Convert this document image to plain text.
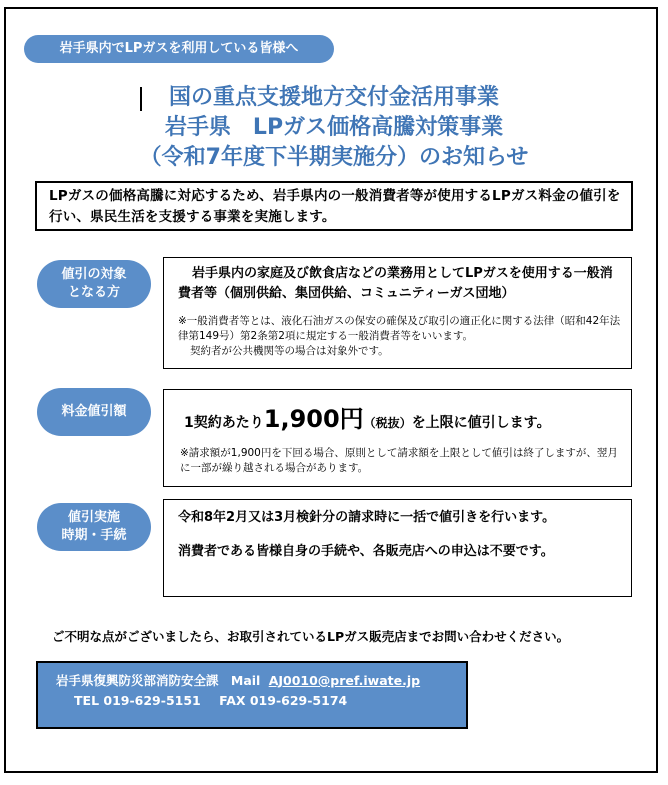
岩手県内でLPガスを利用している皆様へ
国の重点支援地方交付金活用事業
岩手県　LPガス価格高騰対策事業
（令和7年度下半期実施分）のお知らせ
LPガスの価格高騰に対応するため、岩手県内の一般消費者等が使用するLPガス料金の値引を行い、県民生活を支援する事業を実施します。
値引の対象
となる方
岩手県内の家庭及び飲食店などの業務用としてLPガスを使用する一般消費者等（個別供給、集団供給、コミュニティーガス団地）
※一般消費者等とは、液化石油ガスの保安の確保及び取引の適正化に関する法律（昭和42年法律第149号）第2条第2項に規定する一般消費者等をいいます。
契約者が公共機関等の場合は対象外です。
料金値引額
1契約あたり1,900円（税抜）を上限に値引します。
※請求額が1,900円を下回る場合、原則として請求額を上限として値引は終了しますが、翌月に一部が繰り越される場合があります。
値引実施
時期・手続
令和8年2月又は3月検針分の請求時に一括で値引きを行います。
消費者である皆様自身の手続や、各販売店への申込は不要です。
ご不明な点がございましたら、お取引されているLPガス販売店までお問い合わせください。
岩手県復興防災部消防安全課 Mail AJ0010@pref.iwate.jp
TEL 019-629-5151 FAX 019-629-5174
